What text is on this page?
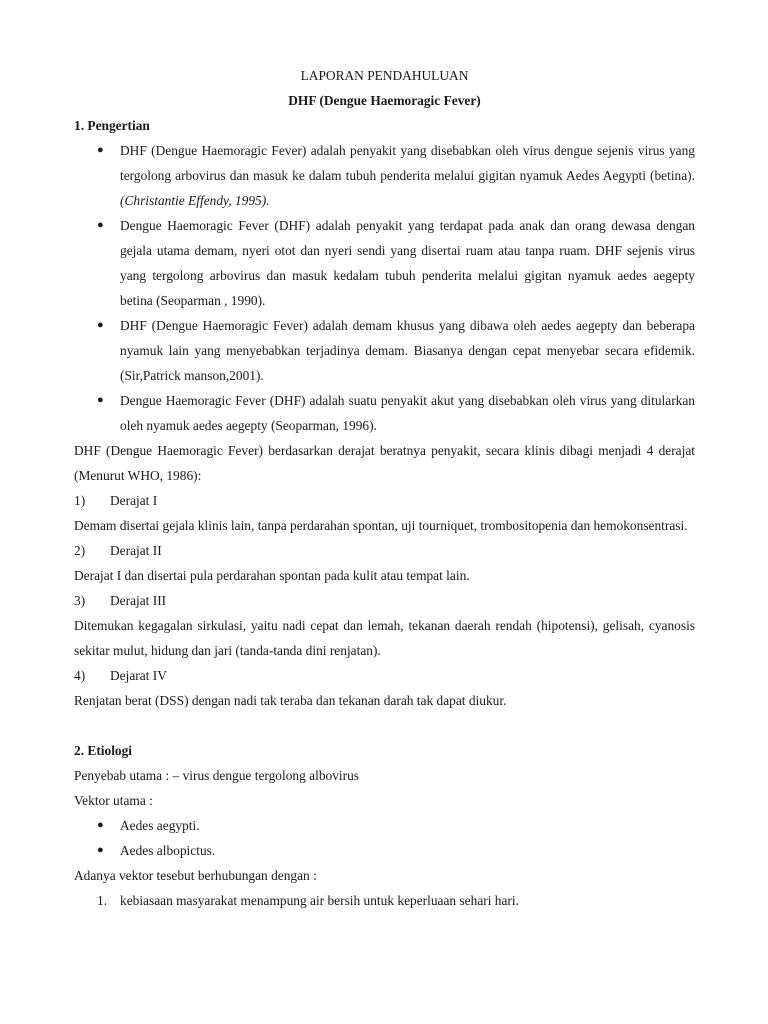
LAPORAN PENDAHULUAN
DHF (Dengue Haemoragic Fever)
1. Pengertian
● DHF (Dengue Haemoragic Fever) adalah penyakit yang disebabkan oleh virus dengue sejenis virus yang tergolong arbovirus dan masuk ke dalam tubuh penderita melalui gigitan nyamuk Aedes Aegypti (betina). (Christantie Effendy, 1995).
● Dengue Haemoragic Fever (DHF) adalah penyakit yang terdapat pada anak dan orang dewasa dengan gejala utama demam, nyeri otot dan nyeri sendi yang disertai ruam atau tanpa ruam. DHF sejenis virus yang tergolong arbovirus dan masuk kedalam tubuh penderita melalui gigitan nyamuk aedes aegepty betina (Seoparman , 1990).
● DHF (Dengue Haemoragic Fever) adalah demam khusus yang dibawa oleh aedes aegepty dan beberapa nyamuk lain yang menyebabkan terjadinya demam. Biasanya dengan cepat menyebar secara efidemik. (Sir,Patrick manson,2001).
● Dengue Haemoragic Fever (DHF) adalah suatu penyakit akut yang disebabkan oleh virus yang ditularkan oleh nyamuk aedes aegepty (Seoparman, 1996).

DHF (Dengue Haemoragic Fever) berdasarkan derajat beratnya penyakit, secara klinis dibagi menjadi 4 derajat (Menurut WHO, 1986):

1)	Derajat I

Demam disertai gejala klinis lain, tanpa perdarahan spontan, uji tourniquet, trombositopenia dan hemokonsentrasi.

2)	Derajat II

Derajat I dan disertai pula perdarahan spontan pada kulit atau tempat lain.

3)	Derajat III

Ditemukan kegagalan sirkulasi, yaitu nadi cepat dan lemah, tekanan daerah rendah (hipotensi), gelisah, cyanosis sekitar mulut, hidung dan jari (tanda-tanda dini renjatan).

4)	Dejarat IV

Renjatan berat (DSS) dengan nadi tak teraba dan tekanan darah tak dapat diukur.

2. Etiologi

Penyebab utama : – virus dengue tergolong albovirus

Vektor utama :

● Aedes aegypti.
● Aedes albopictus.

Adanya vektor tesebut berhubungan dengan :

1. kebiasaan masyarakat menampung air bersih untuk keperluaan sehari hari.
